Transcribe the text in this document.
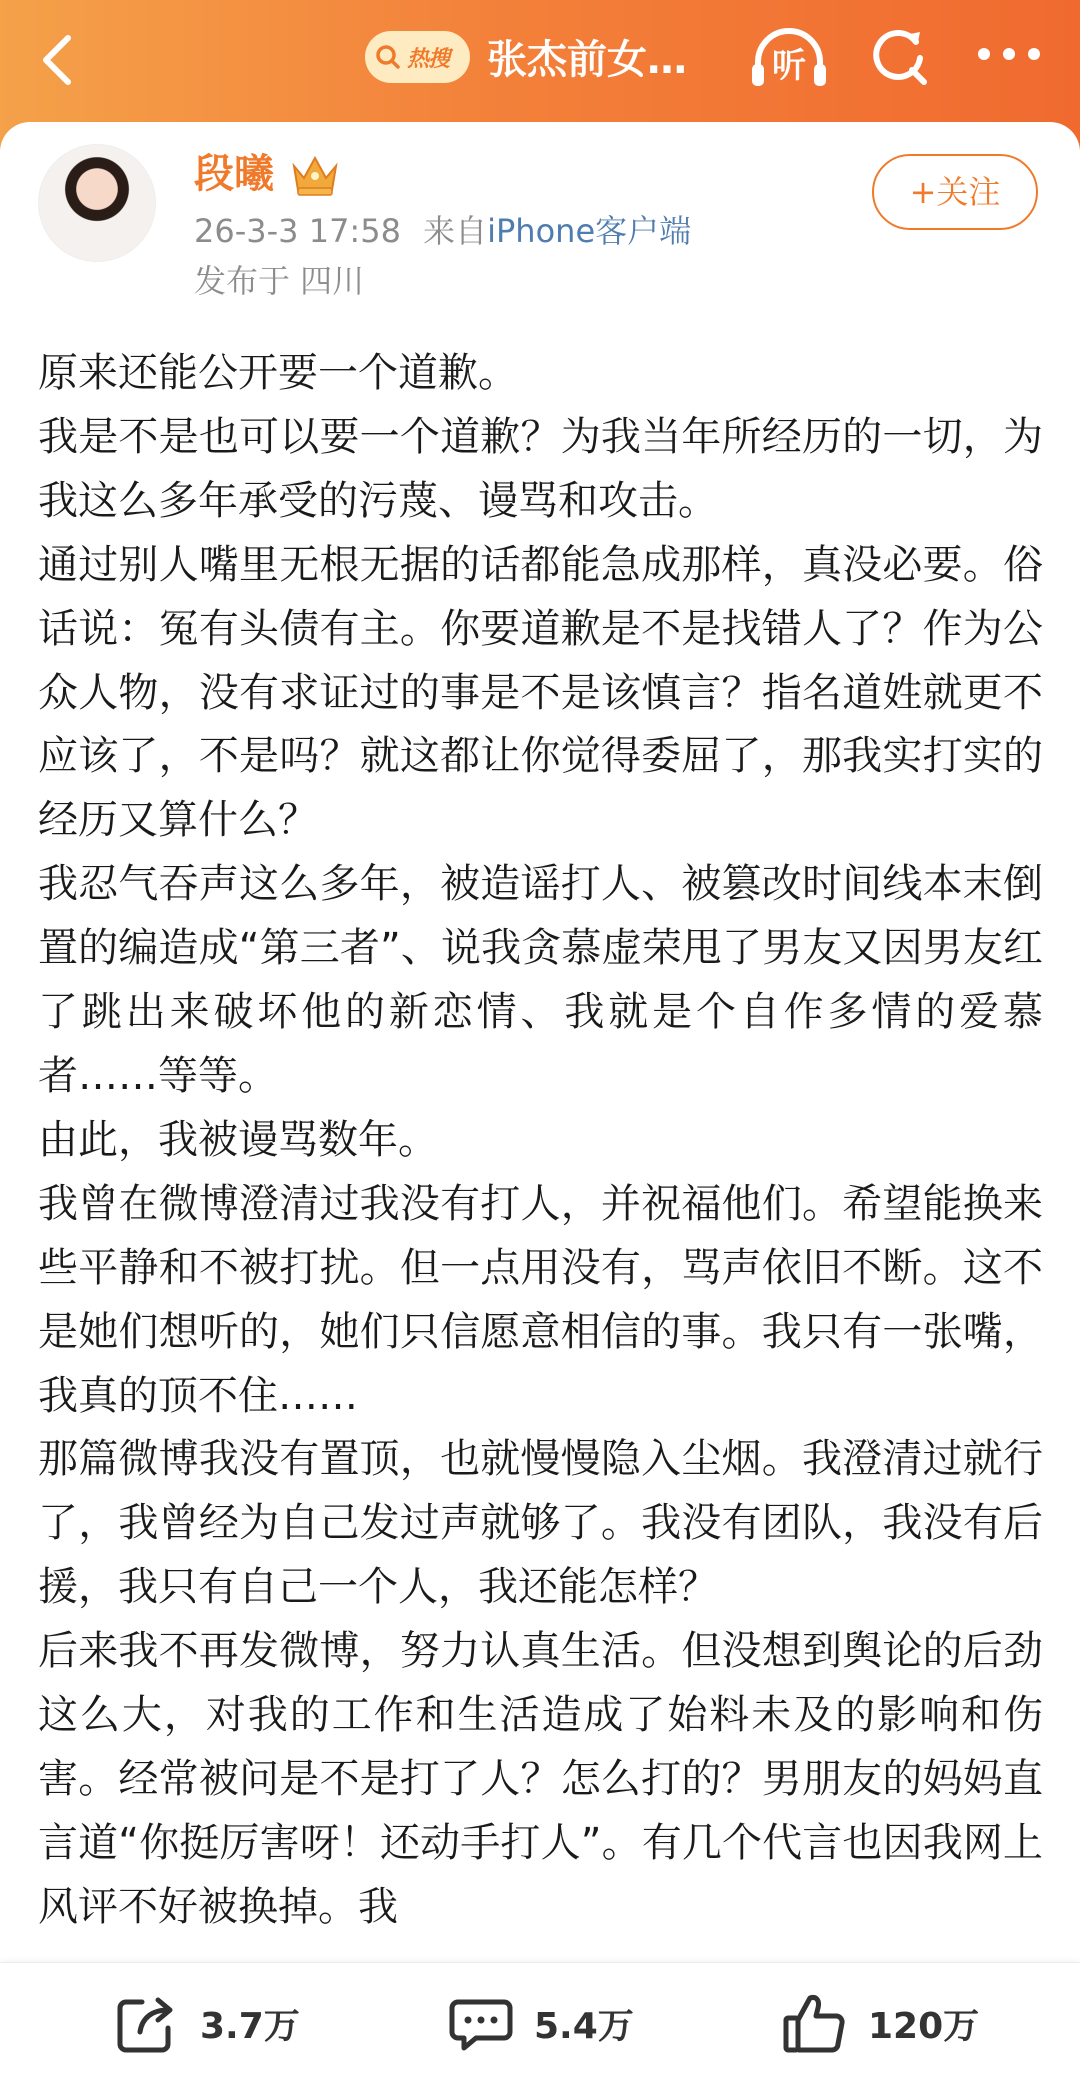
热搜 张杰前女…	听
段曦
26-3-3 17:58 来自iPhone客户端
发布于 四川
+关注

原来还能公开要一个道歉。

我是不是也可以要一个道歉？为我当年所经历的一切，为我这么多年承受的污蔑、谩骂和攻击。

通过别人嘴里无根无据的话都能急成那样，真没必要。俗话说：冤有头债有主。你要道歉是不是找错人了？作为公众人物，没有求证过的事是不是该慎言？指名道姓就更不应该了，不是吗？就这都让你觉得委屈了，那我实打实的经历又算什么？

我忍气吞声这么多年，被造谣打人、被篡改时间线本末倒置的编造成“第三者”、说我贪慕虚荣甩了男友又因男友红了跳出来破坏他的新恋情、我就是个自作多情的爱慕者……等等。

由此，我被谩骂数年。

我曾在微博澄清过我没有打人，并祝福他们。希望能换来些平静和不被打扰。但一点用没有，骂声依旧不断。这不是她们想听的，她们只信愿意相信的事。我只有一张嘴，我真的顶不住……

那篇微博我没有置顶，也就慢慢隐入尘烟。我澄清过就行了，我曾经为自己发过声就够了。我没有团队，我没有后援，我只有自己一个人，我还能怎样？

后来我不再发微博，努力认真生活。但没想到舆论的后劲这么大，对我的工作和生活造成了始料未及的影响和伤害。经常被问是不是打了人？怎么打的？男朋友的妈妈直言道“你挺厉害呀！还动手打人”。有几个代言也因我网上风评不好被换掉。我

3.7万	5.4万	120万
